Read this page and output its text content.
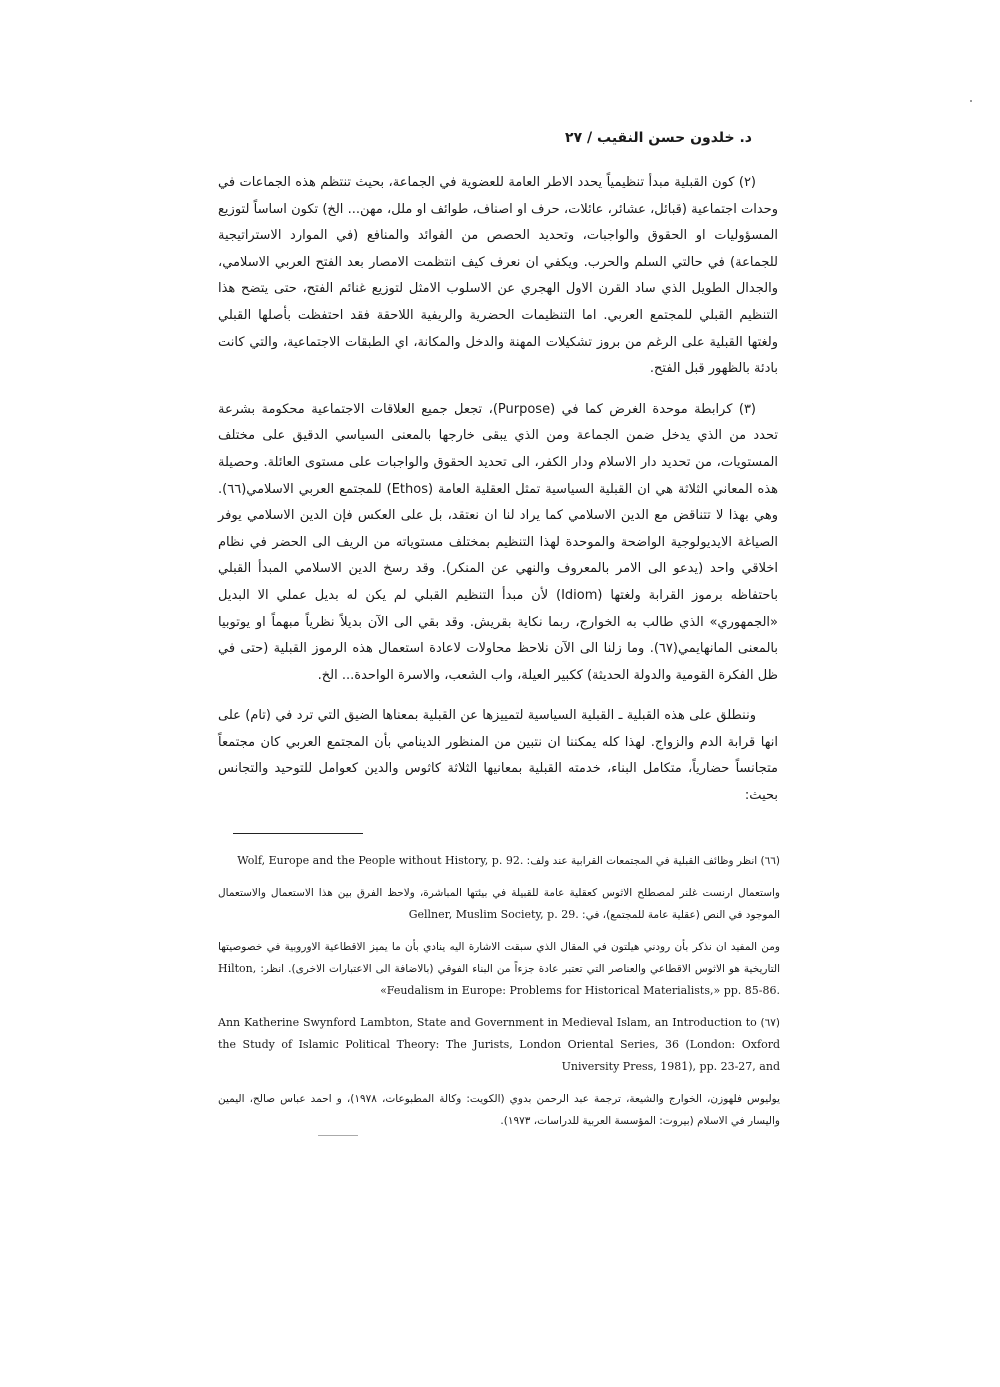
د. خلدون حسن النقيب / ٢٧

(٢) كون القبلية مبدأ تنظيمياً يحدد الاطر العامة للعضوية في الجماعة، بحيث تنتظم هذه الجماعات في وحدات اجتماعية (قبائل، عشائر، عائلات، حرف او اصناف، طوائف او ملل، مهن... الخ) تكون اساساً لتوزيع المسؤوليات او الحقوق والواجبات، وتحديد الحصص من الفوائد والمنافع (في الموارد الاستراتيجية للجماعة) في حالتي السلم والحرب. ويكفي ان نعرف كيف انتظمت الامصار بعد الفتح العربي الاسلامي، والجدال الطويل الذي ساد القرن الاول الهجري عن الاسلوب الامثل لتوزيع غنائم الفتح، حتى يتضح هذا التنظيم القبلي للمجتمع العربي. اما التنظيمات الحضرية والريفية اللاحقة فقد احتفظت بأصلها القبلي ولغتها القبلية على الرغم من بروز تشكيلات المهنة والدخل والمكانة، اي الطبقات الاجتماعية، والتي كانت بادئة بالظهور قبل الفتح.

(٣) كرابطة موحدة الغرض كما في (Purpose)، تجعل جميع العلاقات الاجتماعية محكومة بشرعة تحدد من الذي يدخل ضمن الجماعة ومن الذي يبقى خارجها بالمعنى السياسي الدقيق على مختلف المستويات، من تحديد دار الاسلام ودار الكفر، الى تحديد الحقوق والواجبات على مستوى العائلة. وحصيلة هذه المعاني الثلاثة هي ان القبلية السياسية تمثل العقلية العامة (Ethos) للمجتمع العربي الاسلامي(٦٦). وهي بهذا لا تتناقض مع الدين الاسلامي كما يراد لنا ان نعتقد، بل على العكس فإن الدين الاسلامي يوفر الصياغة الايديولوجية الواضحة والموحدة لهذا التنظيم بمختلف مستوياته من الريف الى الحضر في نظام اخلاقي واحد (يدعو الى الامر بالمعروف والنهي عن المنكر). وقد رسخ الدين الاسلامي المبدأ القبلي باحتفاظه برموز القرابة ولغتها (Idiom) لأن مبدأ التنظيم القبلي لم يكن له بديل عملي الا البديل «الجمهوري» الذي طالب به الخوارج، ربما نكاية بقريش. وقد بقي الى الآن بديلاً نظرياً مبهماً او يوتوبيا بالمعنى المانهايمي(٦٧). وما زلنا الى الآن نلاحظ محاولات لاعادة استعمال هذه الرموز القبلية (حتى في ظل الفكرة القومية والدولة الحديثة) ككبير العيلة، واب الشعب، والاسرة الواحدة... الخ.

وننطلق على هذه القبلية ـ القبلية السياسية لتمييزها عن القبلية بمعناها الضيق التي ترد في (تام) على انها قرابة الدم والزواج. لهذا كله يمكننا ان نتبين من المنظور الدينامي بأن المجتمع العربي كان مجتمعاً متجانساً حضارياً، متكامل البناء، خدمته القبلية بمعانيها الثلاثة كاثوس والدين كعوامل للتوحيد والتجانس بحيث:

(٦٦) انظر وظائف القبلية في المجتمعات القرابية عند ولف: Wolf, Europe and the People without History, p. 92.

واستعمال ارنست غلنر لمصطلح الاثوس كعقلية عامة للقبيلة في بيئتها المباشرة، ولاحظ الفرق بين هذا الاستعمال والاستعمال الموجود في النص (عقلية عامة للمجتمع)، في: Gellner, Muslim Society, p. 29.

ومن المفيد ان نذكر بأن رودني هيلتون في المقال الذي سبقت الاشارة اليه ينادي بأن ما يميز الاقطاعية الاوروبية في خصوصيتها التاريخية هو الاثوس الاقطاعي والعناصر التي تعتبر عادة جزءاً من البناء الفوقي (بالاضافة الى الاعتبارات الاخرى). انظر: Hilton, «Feudalism in Europe: Problems for Historical Materialists,» pp. 85-86.

(٦٧) Ann Katherine Swynford Lambton, State and Government in Medieval Islam, an Introduction to the Study of Islamic Political Theory: The Jurists, London Oriental Series, 36 (London: Oxford University Press, 1981), pp. 23-27, and

يوليوس فلهوزن، الخوارج والشيعة، ترجمة عبد الرحمن بدوي (الكويت: وكالة المطبوعات، ١٩٧٨)، و احمد عباس صالح، اليمين واليسار في الاسلام (بيروت: المؤسسة العربية للدراسات، ١٩٧٣).
